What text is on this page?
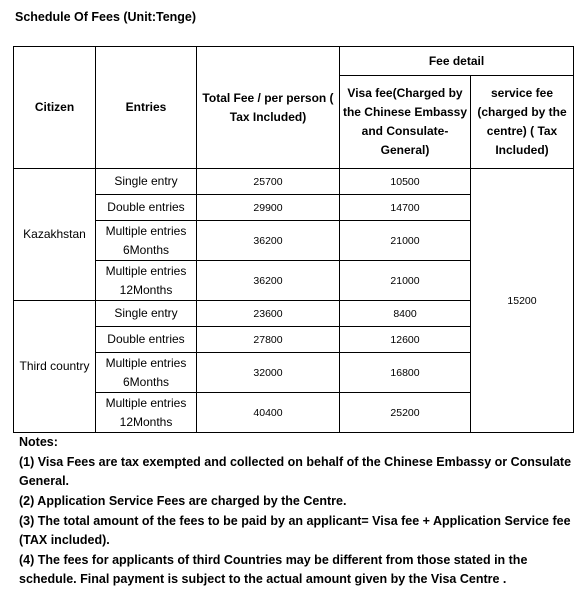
Schedule Of Fees (Unit:Tenge)
Citizen	Entries	Total Fee / per person ( Tax Included)	Fee detail	
			Visa fee(Charged by the Chinese Embassy and Consulate-General)	service fee (charged by the centre) ( Tax Included)
Kazakhstan	Single entry	25700	10500	15200
	Double entries	29900	14700	
	Multiple entries 6Months	36200	21000	
	Multiple entries 12Months	36200	21000	
Third country	Single entry	23600	8400	
	Double entries	27800	12600	
	Multiple entries 6Months	32000	16800	
	Multiple entries 12Months	40400	25200	

Notes:

(1) Visa Fees are tax exempted and collected on behalf of the Chinese Embassy or Consulate General.

(2) Application Service Fees are charged by the Centre.

(3) The total amount of the fees to be paid by an applicant= Visa fee + Application Service fee (TAX included).

(4) The fees for applicants of third Countries may be different from those stated in the schedule. Final payment is subject to the actual amount given by the Visa Centre .
